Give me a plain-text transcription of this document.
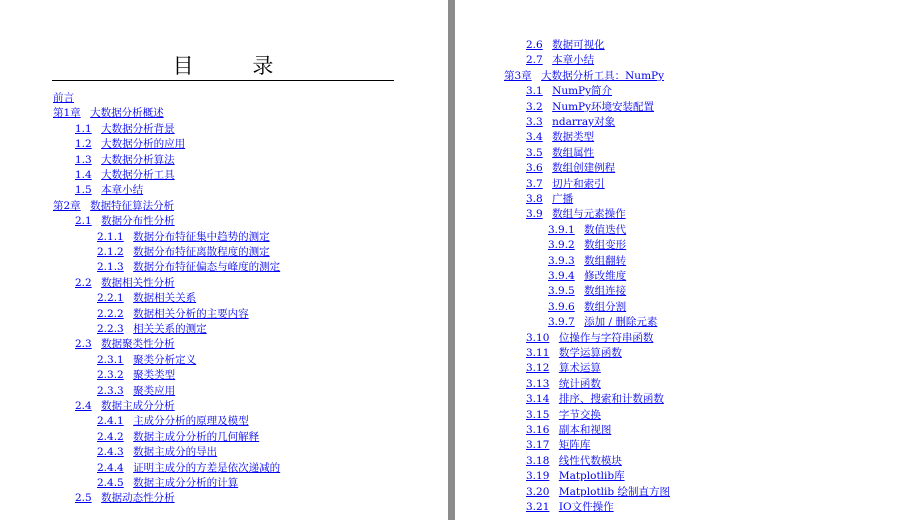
目 录
前言
第1章 大数据分析概述
1.1 大数据分析背景
1.2 大数据分析的应用
1.3 大数据分析算法
1.4 大数据分析工具
1.5 本章小结
第2章 数据特征算法分析
2.1 数据分布性分析
2.1.1 数据分布特征集中趋势的测定
2.1.2 数据分布特征离散程度的测定
2.1.3 数据分布特征偏态与峰度的测定
2.2 数据相关性分析
2.2.1 数据相关关系
2.2.2 数据相关分析的主要内容
2.2.3 相关关系的测定
2.3 数据聚类性分析
2.3.1 聚类分析定义
2.3.2 聚类类型
2.3.3 聚类应用
2.4 数据主成分分析
2.4.1 主成分分析的原理及模型
2.4.2 数据主成分分析的几何解释
2.4.3 数据主成分的导出
2.4.4 证明主成分的方差是依次递减的
2.4.5 数据主成分分析的计算
2.5 数据动态性分析
2.6 数据可视化
2.7 本章小结
第3章 大数据分析工具：NumPy
3.1 NumPy简介
3.2 NumPy环境安装配置
3.3 ndarray对象
3.4 数据类型
3.5 数组属性
3.6 数组创建例程
3.7 切片和索引
3.8 广播
3.9 数组与元素操作
3.9.1 数值迭代
3.9.2 数组变形
3.9.3 数组翻转
3.9.4 修改维度
3.9.5 数组连接
3.9.6 数组分割
3.9.7 添加 / 删除元素
3.10 位操作与字符串函数
3.11 数学运算函数
3.12 算术运算
3.13 统计函数
3.14 排序、搜索和计数函数
3.15 字节交换
3.16 副本和视图
3.17 矩阵库
3.18 线性代数模块
3.19 Matplotlib库
3.20 Matplotlib 绘制直方图
3.21 IO文件操作
